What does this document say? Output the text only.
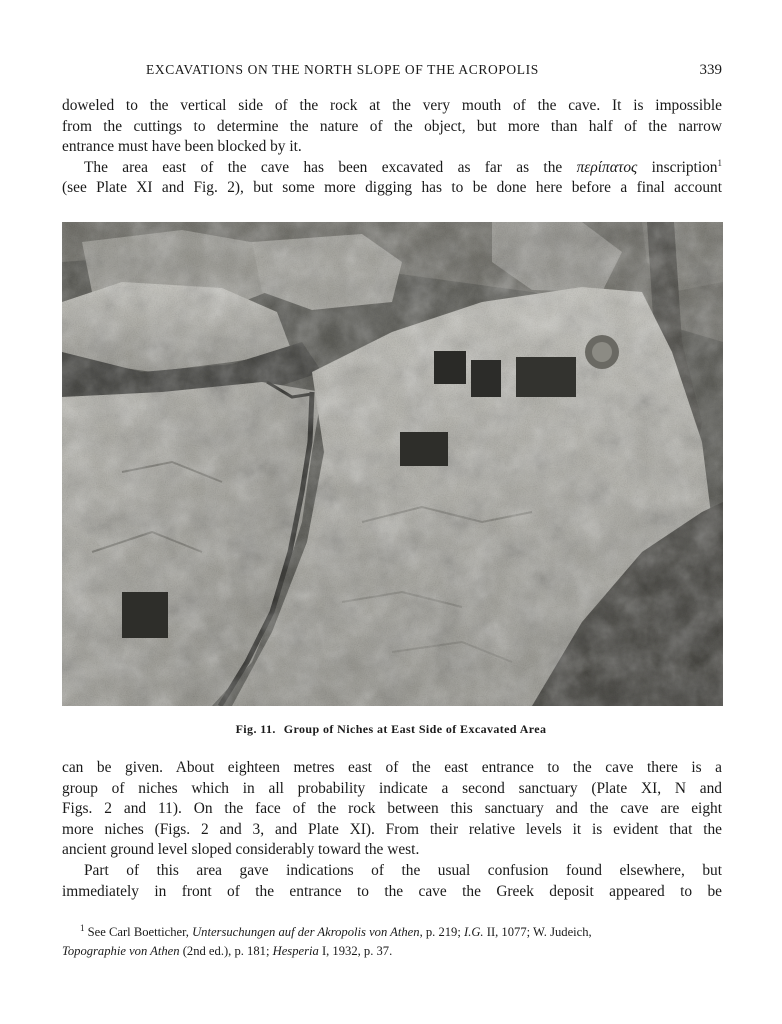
EXCAVATIONS ON THE NORTH SLOPE OF THE ACROPOLIS	339
doweled to the vertical side of the rock at the very mouth of the cave. It is impossible
from the cuttings to determine the nature of the object, but more than half of the narrow
entrance must have been blocked by it.
The area east of the cave has been excavated as far as the περίπατος inscription$^1$
(see Plate XI and Fig. 2), but some more digging has to be done here before a final account
Fig. 11. Group of Niches at East Side of Excavated Area
can be given. About eighteen metres east of the east entrance to the cave there is a
group of niches which in all probability indicate a second sanctuary (Plate XI, N and
Figs. 2 and 11). On the face of the rock between this sanctuary and the cave are eight
more niches (Figs. 2 and 3, and Plate XI). From their relative levels it is evident that the
ancient ground level sloped considerably toward the west.
Part of this area gave indications of the usual confusion found elsewhere, but
immediately in front of the entrance to the cave the Greek deposit appeared to be
$^1$ See Carl Boetticher, Untersuchungen auf der Akropolis von Athen, p. 219; I.G. II, 1077; W. Judeich,
Topographie von Athen (2nd ed.), p. 181; Hesperia I, 1932, p. 37.
